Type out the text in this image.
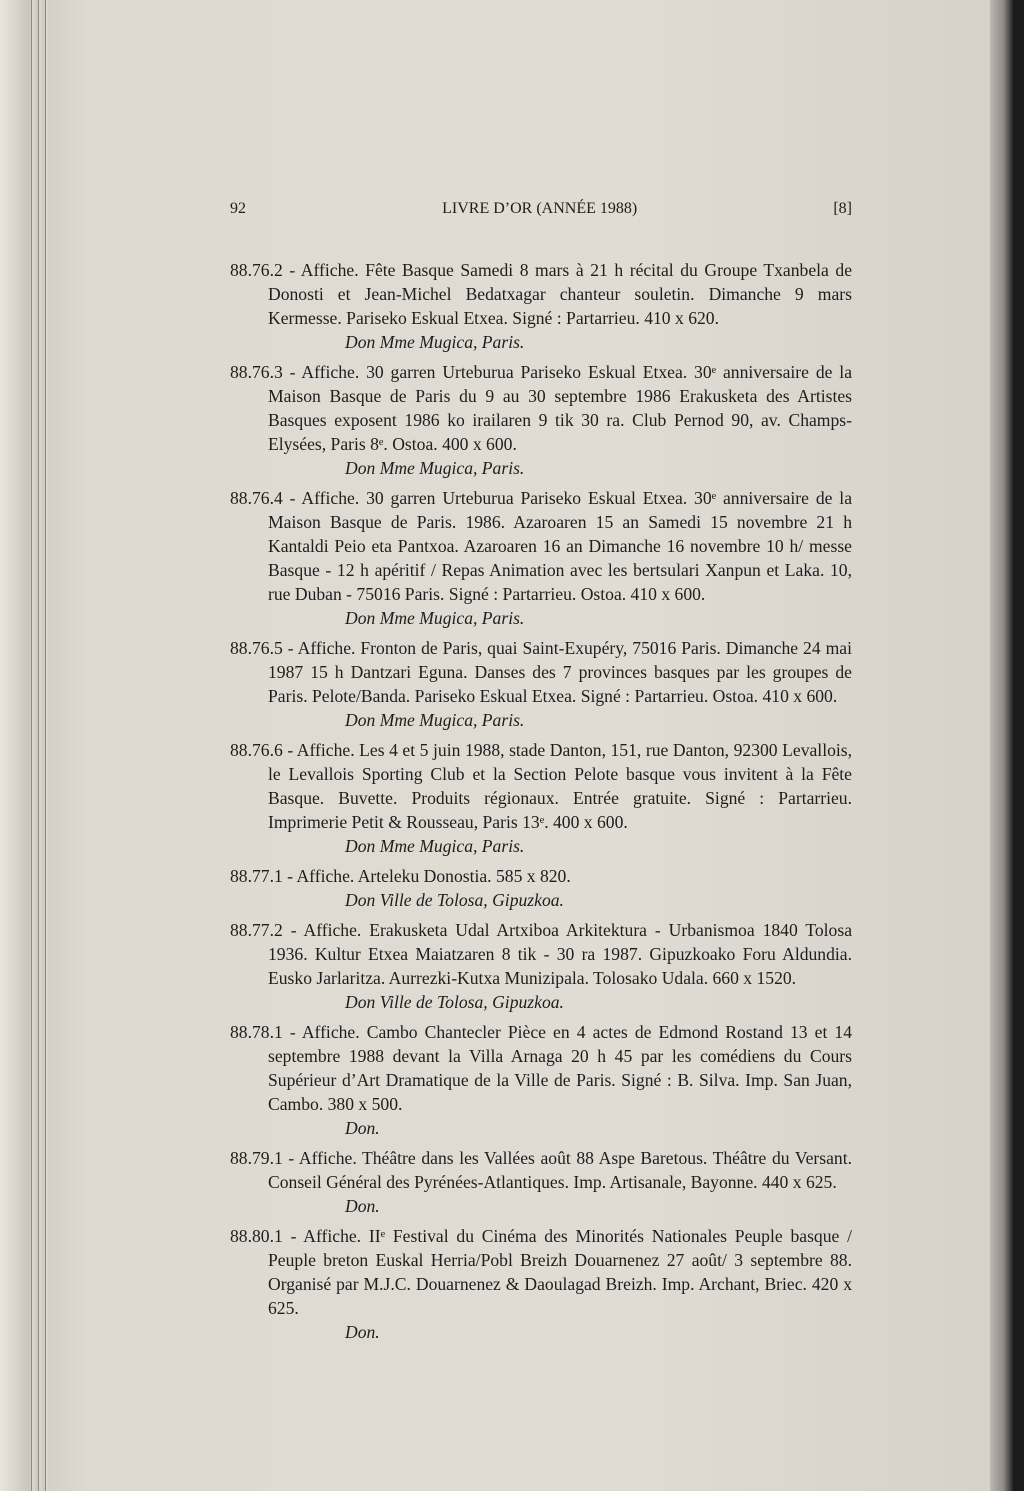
92	LIVRE D’OR (ANNÉE 1988)	[8]
88.76.2 - Affiche. Fête Basque Samedi 8 mars à 21 h récital du Groupe Txanbela de Donosti et Jean-Michel Bedatxagar chanteur souletin. Dimanche 9 mars Kermesse. Pariseko Eskual Etxea. Signé : Partarrieu. 410 x 620.
Don Mme Mugica, Paris.
88.76.3 - Affiche. 30 garren Urteburua Pariseko Eskual Etxea. 30ᵉ anniversaire de la Maison Basque de Paris du 9 au 30 septembre 1986 Erakusketa des Artistes Basques exposent 1986 ko irailaren 9 tik 30 ra. Club Pernod 90, av. Champs-Elysées, Paris 8ᵉ. Ostoa. 400 x 600.
Don Mme Mugica, Paris.
88.76.4 - Affiche. 30 garren Urteburua Pariseko Eskual Etxea. 30ᵉ anniversaire de la Maison Basque de Paris. 1986. Azaroaren 15 an Samedi 15 novembre 21 h Kantaldi Peio eta Pantxoa. Azaroaren 16 an Dimanche 16 novembre 10 h/ messe Basque - 12 h apéritif / Repas Animation avec les bertsulari Xanpun et Laka. 10, rue Duban - 75016 Paris. Signé : Partarrieu. Ostoa. 410 x 600.
Don Mme Mugica, Paris.
88.76.5 - Affiche. Fronton de Paris, quai Saint-Exupéry, 75016 Paris. Dimanche 24 mai 1987 15 h Dantzari Eguna. Danses des 7 provinces basques par les groupes de Paris. Pelote/Banda. Pariseko Eskual Etxea. Signé : Partarrieu. Ostoa. 410 x 600.
Don Mme Mugica, Paris.
88.76.6 - Affiche. Les 4 et 5 juin 1988, stade Danton, 151, rue Danton, 92300 Levallois, le Levallois Sporting Club et la Section Pelote basque vous invitent à la Fête Basque. Buvette. Produits régionaux. Entrée gratuite. Signé : Partarrieu. Imprimerie Petit & Rousseau, Paris 13ᵉ. 400 x 600.
Don Mme Mugica, Paris.
88.77.1 - Affiche. Arteleku Donostia. 585 x 820.
Don Ville de Tolosa, Gipuzkoa.
88.77.2 - Affiche. Erakusketa Udal Artxiboa Arkitektura - Urbanismoa 1840 Tolosa 1936. Kultur Etxea Maiatzaren 8 tik - 30 ra 1987. Gipuzkoako Foru Aldundia. Eusko Jarlaritza. Aurrezki-Kutxa Munizipala. Tolosako Udala. 660 x 1520.
Don Ville de Tolosa, Gipuzkoa.
88.78.1 - Affiche. Cambo Chantecler Pièce en 4 actes de Edmond Rostand 13 et 14 septembre 1988 devant la Villa Arnaga 20 h 45 par les comédiens du Cours Supérieur d’Art Dramatique de la Ville de Paris. Signé : B. Silva. Imp. San Juan, Cambo. 380 x 500.
Don.
88.79.1 - Affiche. Théâtre dans les Vallées août 88 Aspe Baretous. Théâtre du Versant. Conseil Général des Pyrénées-Atlantiques. Imp. Artisanale, Bayonne. 440 x 625.
Don.
88.80.1 - Affiche. IIᵉ Festival du Cinéma des Minorités Nationales Peuple basque / Peuple breton Euskal Herria/Pobl Breizh Douarnenez 27 août/ 3 septembre 88. Organisé par M.J.C. Douarnenez & Daoulagad Breizh. Imp. Archant, Briec. 420 x 625.
Don.
